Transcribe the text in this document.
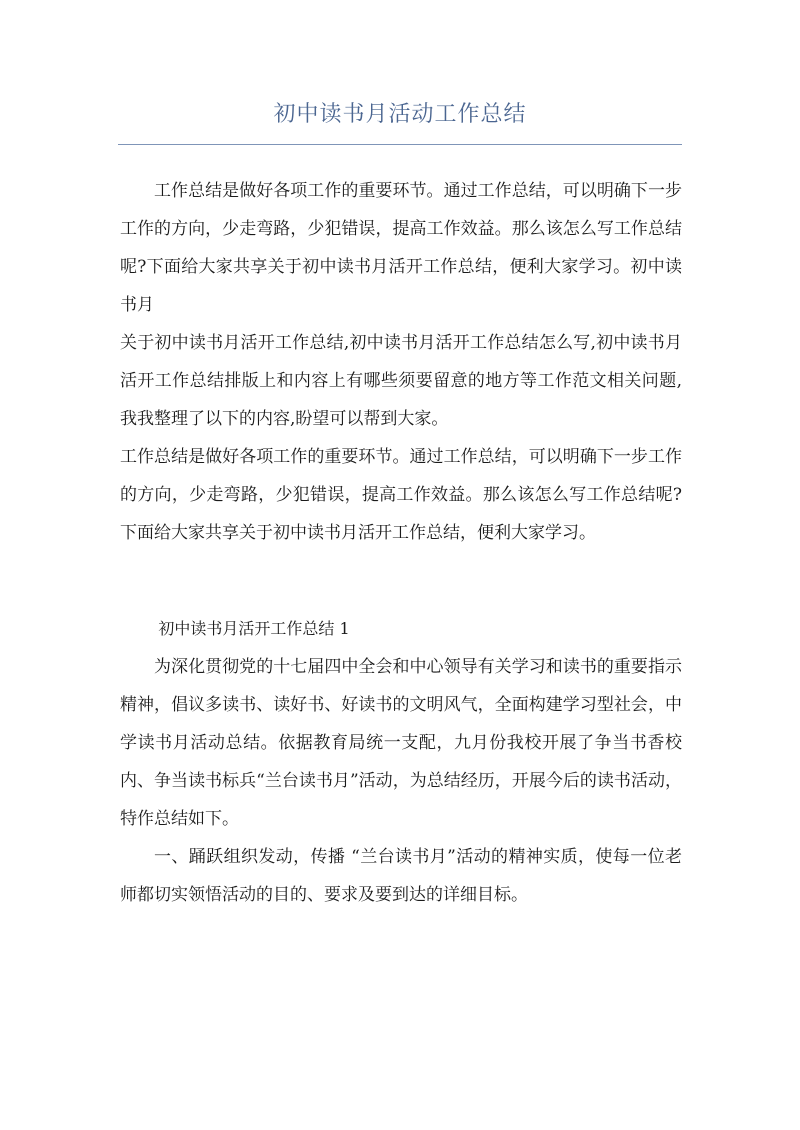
初中读书月活动工作总结

工作总结是做好各项工作的重要环节。通过工作总结，可以明确下一步工作的方向，少走弯路，少犯错误，提高工作效益。那么该怎么写工作总结呢?下面给大家共享关于初中读书月活开工作总结，便利大家学习。初中读书月

关于初中读书月活开工作总结,初中读书月活开工作总结怎么写,初中读书月活开工作总结排版上和内容上有哪些须要留意的地方等工作范文相关问题,我我整理了以下的内容,盼望可以帮到大家。

工作总结是做好各项工作的重要环节。通过工作总结，可以明确下一步工作的方向，少走弯路，少犯错误，提高工作效益。那么该怎么写工作总结呢?下面给大家共享关于初中读书月活开工作总结，便利大家学习。

初中读书月活开工作总结 1

为深化贯彻党的十七届四中全会和中心领导有关学习和读书的重要指示精神，倡议多读书、读好书、好读书的文明风气，全面构建学习型社会，中学读书月活动总结。依据教育局统一支配，九月份我校开展了争当书香校内、争当读书标兵“兰台读书月”活动，为总结经历，开展今后的读书活动，特作总结如下。

一、踊跃组织发动，传播 “兰台读书月”活动的精神实质，使每一位老师都切实领悟活动的目的、要求及要到达的详细目标。
